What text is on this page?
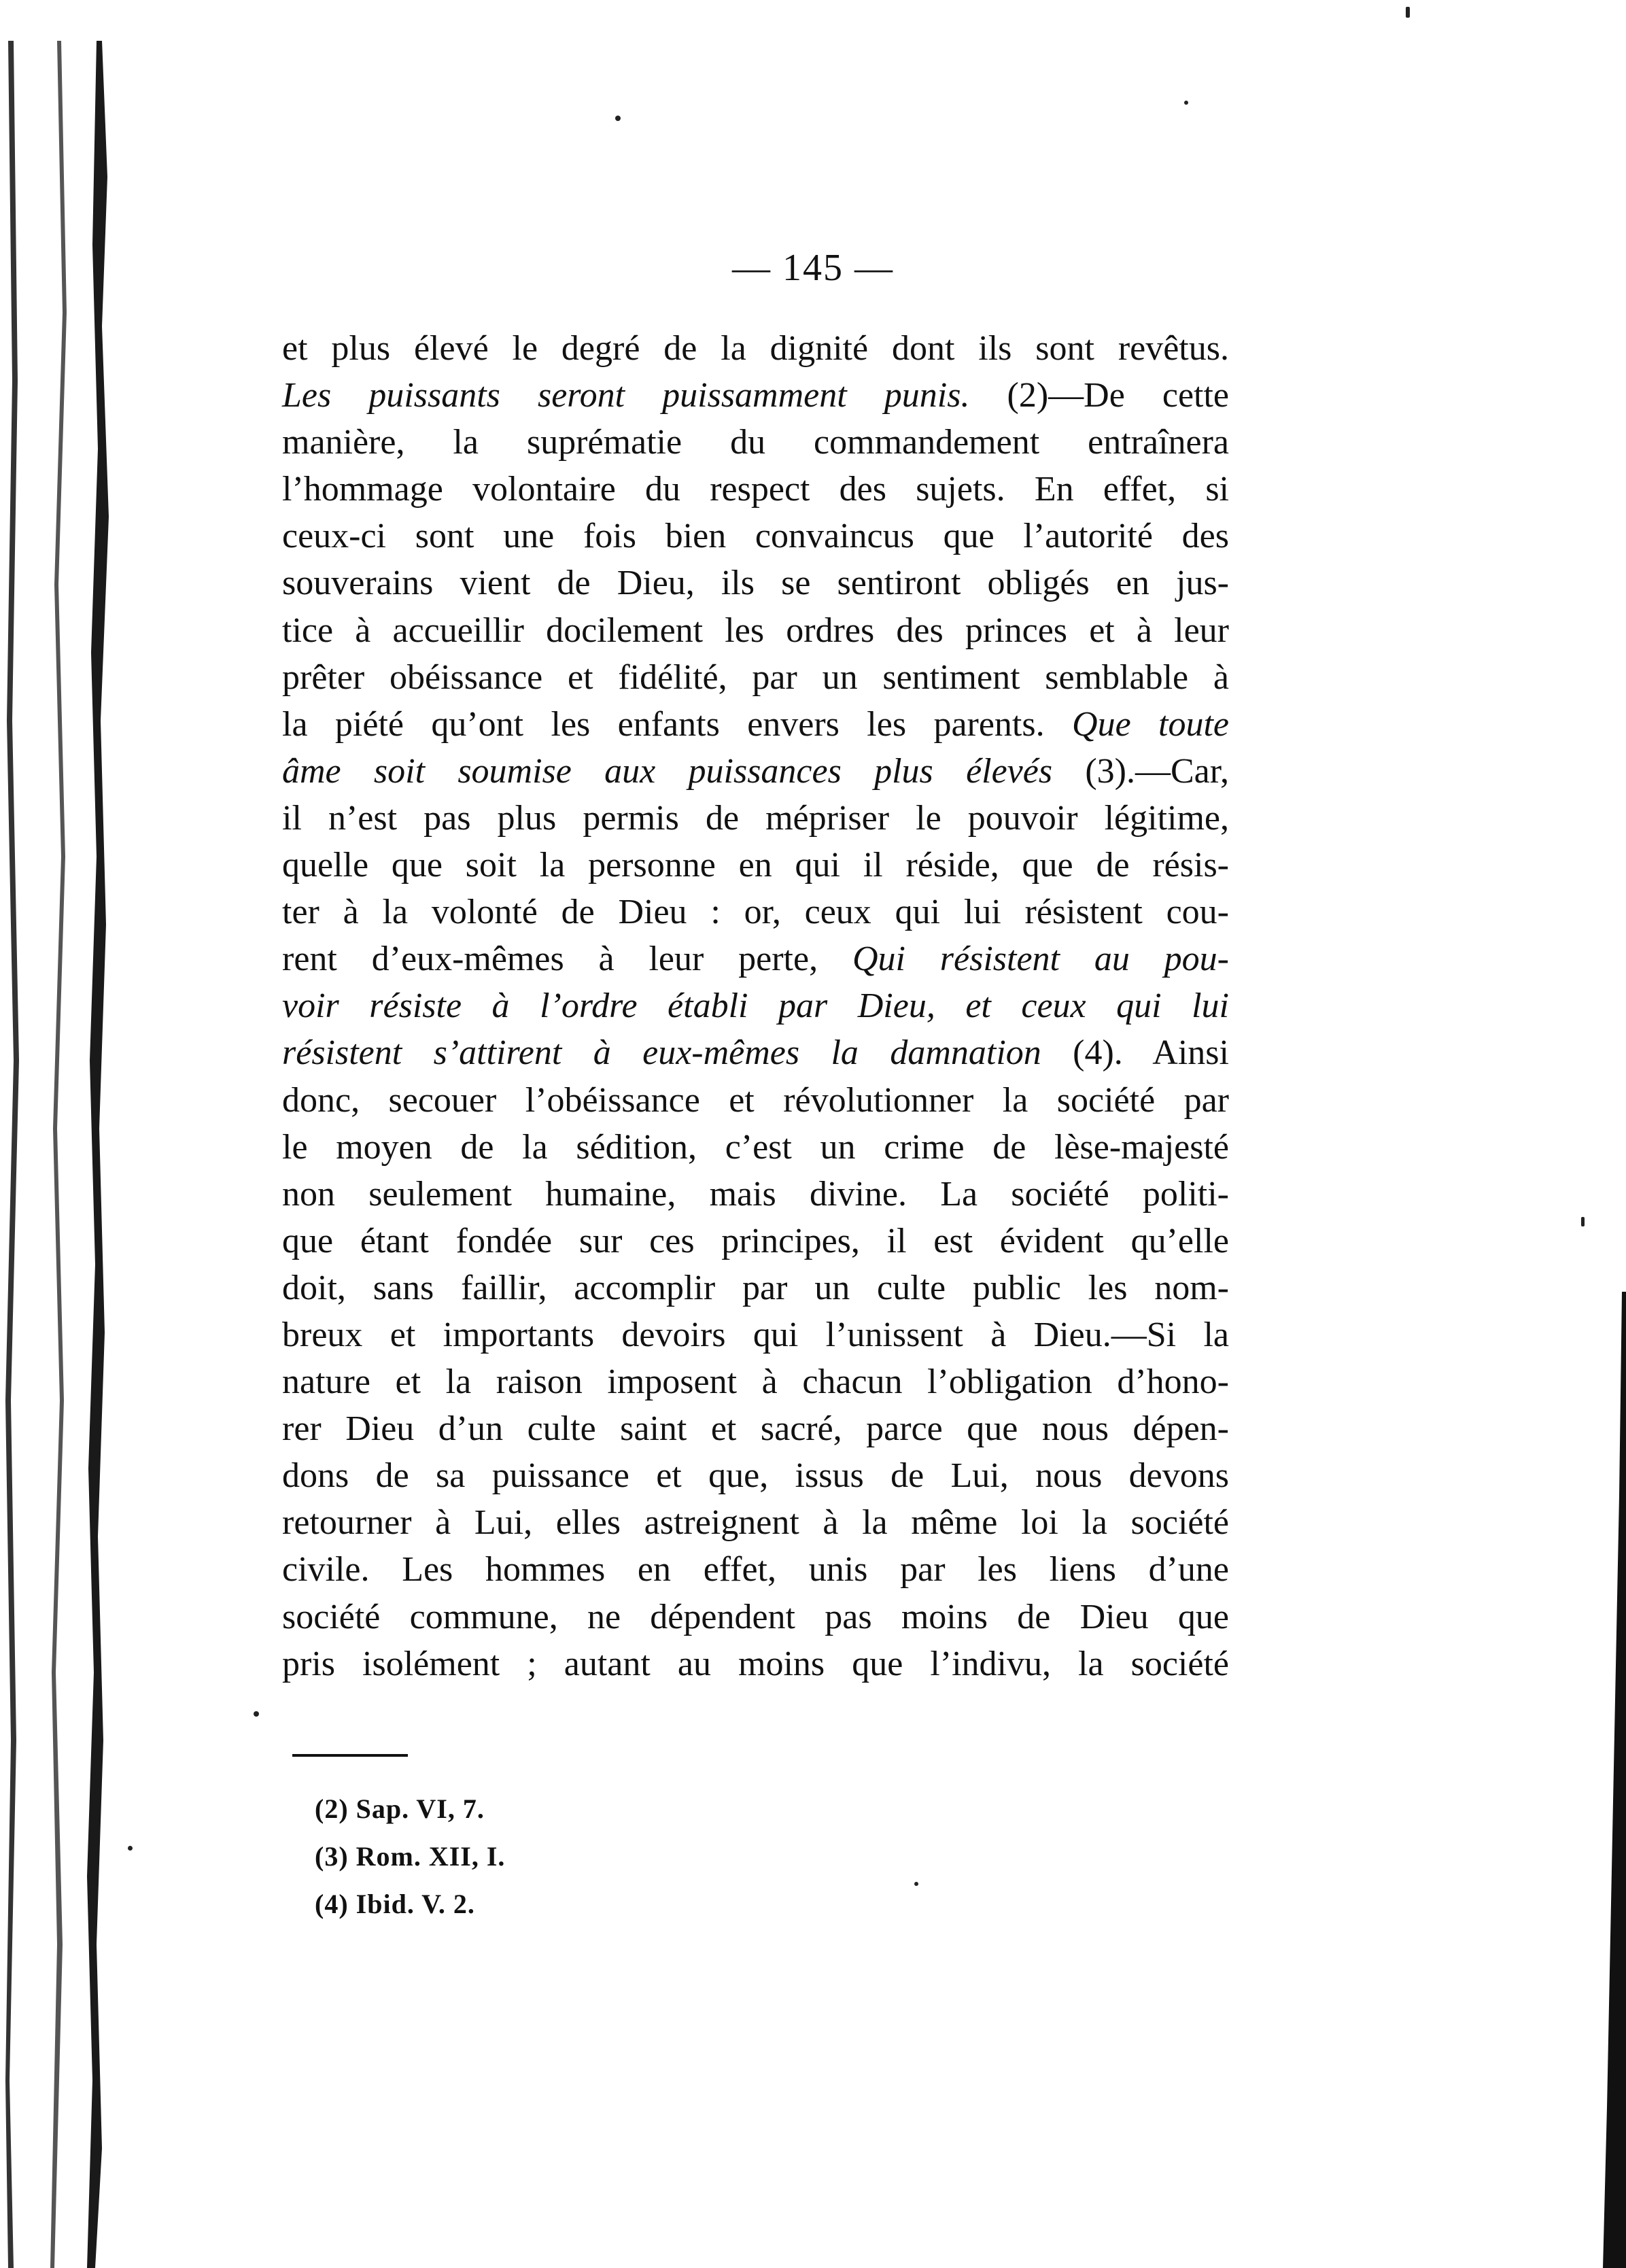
— 145 —
et plus élevé le degré de la dignité dont ils sont revêtus.
Les puissants seront puissamment punis. (2)—De cette
manière, la suprématie du commandement entraînera
l’hommage volontaire du respect des sujets. En effet, si
ceux-ci sont une fois bien convaincus que l’autorité des
souverains vient de Dieu, ils se sentiront obligés en jus-
tice à accueillir docilement les ordres des princes et à leur
prêter obéissance et fidélité, par un sentiment semblable à
la piété qu’ont les enfants envers les parents. Que toute
âme soit soumise aux puissances plus élevés (3).—Car,
il n’est pas plus permis de mépriser le pouvoir légitime,
quelle que soit la personne en qui il réside, que de résis-
ter à la volonté de Dieu : or, ceux qui lui résistent cou-
rent d’eux-mêmes à leur perte, Qui résistent au pou-
voir résiste à l’ordre établi par Dieu, et ceux qui lui
résistent s’attirent à eux-mêmes la damnation (4). Ainsi
donc, secouer l’obéissance et révolutionner la société par
le moyen de la sédition, c’est un crime de lèse-majesté
non seulement humaine, mais divine. La société politi-
que étant fondée sur ces principes, il est évident qu’elle
doit, sans faillir, accomplir par un culte public les nom-
breux et importants devoirs qui l’unissent à Dieu.—Si la
nature et la raison imposent à chacun l’obligation d’hono-
rer Dieu d’un culte saint et sacré, parce que nous dépen-
dons de sa puissance et que, issus de Lui, nous devons
retourner à Lui, elles astreignent à la même loi la société
civile. Les hommes en effet, unis par les liens d’une
société commune, ne dépendent pas moins de Dieu que
pris isolément ; autant au moins que l’indivu, la société
(2) Sap. VI, 7.
(3) Rom. XII, I.
(4) Ibid. V. 2.
